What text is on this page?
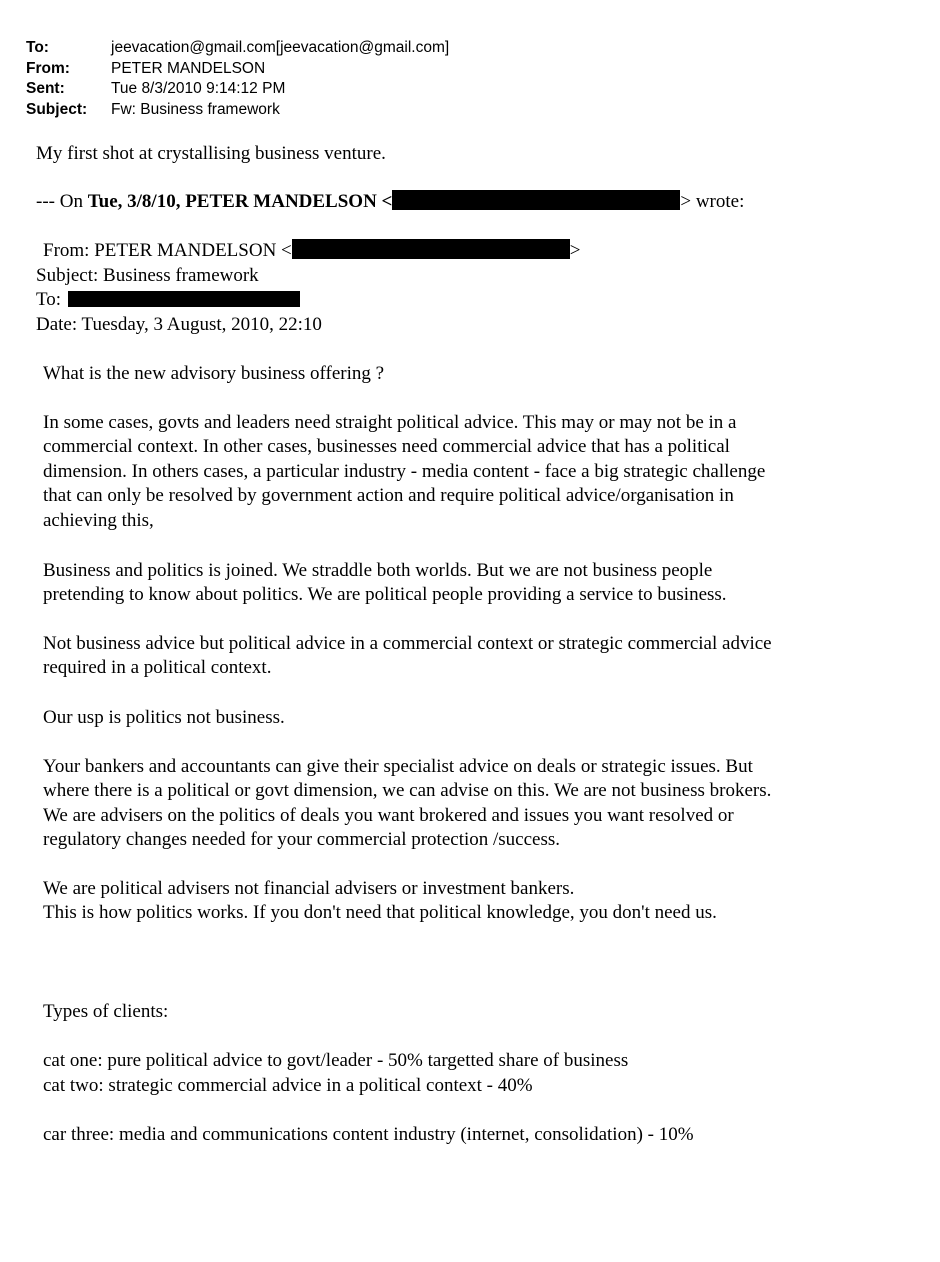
To:	jeevacation@gmail.com[jeevacation@gmail.com]
From:	PETER MANDELSON
Sent:	Tue 8/3/2010 9:14:12 PM
Subject: Fw: Business framework
My first shot at crystallising business venture.
--- On Tue, 3/8/10, PETER MANDELSON <	> wrote:
From: PETER MANDELSON <	>
Subject: Business framework
To:
Date: Tuesday, 3 August, 2010, 22:10
What is the new advisory business offering ?

In some cases, govts and leaders need straight political advice. This may or may not be in a

commercial context. In other cases, businesses need commercial advice that has a political

dimension. In others cases, a particular industry - media content - face a big strategic challenge

that can only be resolved by government action and require political advice/organisation in

achieving this,

Business and politics is joined. We straddle both worlds. But we are not business people

pretending to know about politics. We are political people providing a service to business.

Not business advice but political advice in a commercial context or strategic commercial advice

required in a political context.

Our usp is politics not business.

Your bankers and accountants can give their specialist advice on deals or strategic issues. But

where there is a political or govt dimension, we can advise on this. We are not business brokers.

We are advisers on the politics of deals you want brokered and issues you want resolved or

regulatory changes needed for your commercial protection /success.

We are political advisers not financial advisers or investment bankers.

This is how politics works. If you don't need that political knowledge, you don't need us.

Types of clients:
cat one: pure political advice to govt/leader - 50% targetted share of business
cat two: strategic commercial advice in a political context - 40%
car three: media and communications content industry (internet, consolidation) - 10%
